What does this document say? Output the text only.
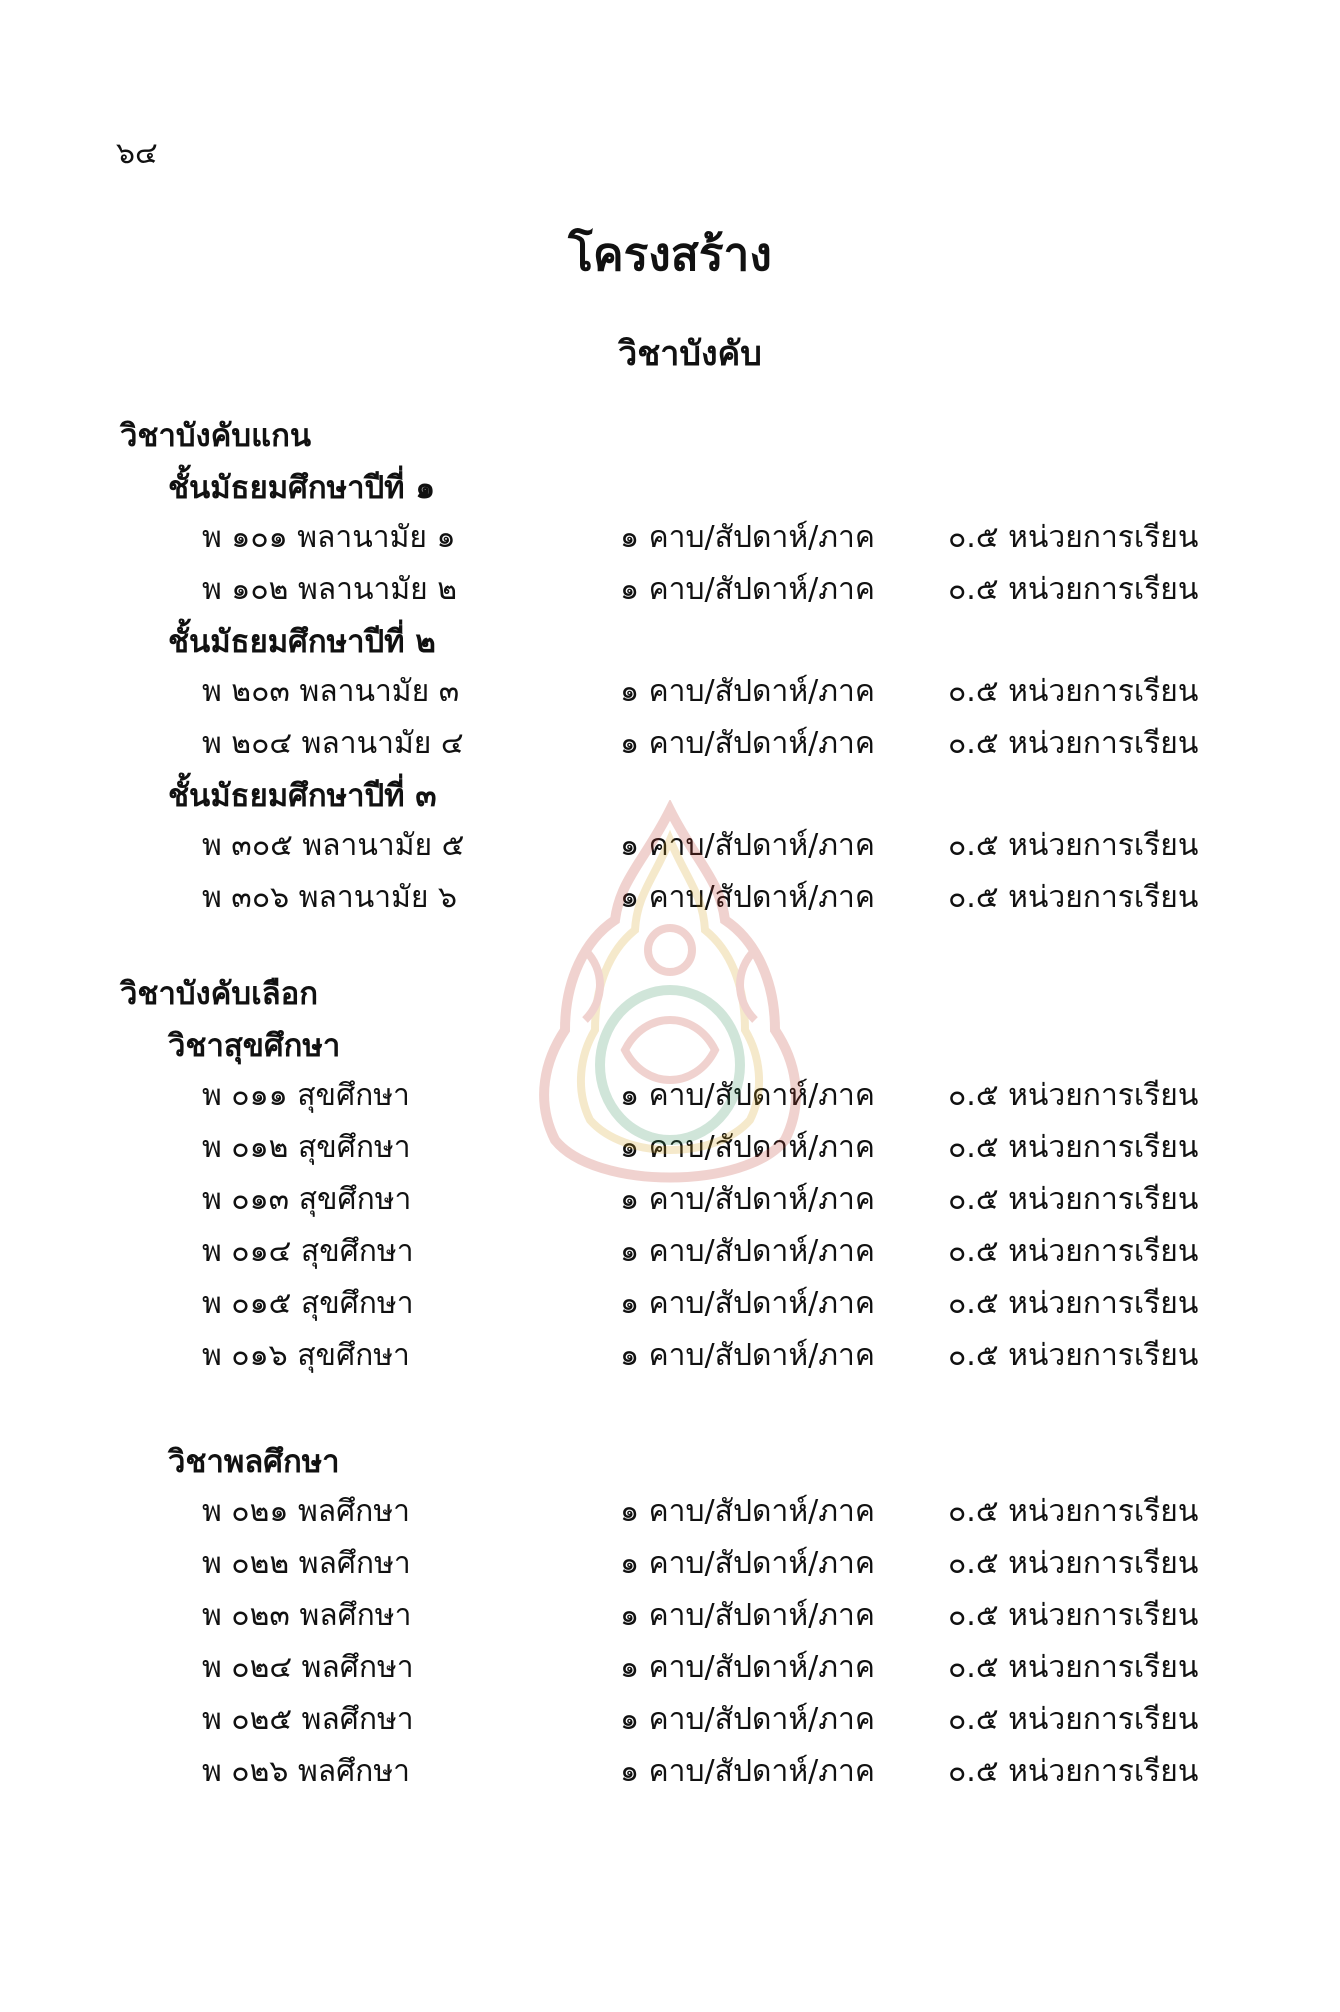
๖๔
โครงสร้าง
วิชาบังคับ
วิชาบังคับแกน
ชั้นมัธยมศึกษาปีที่ ๑
พ ๑๐๑ พลานามัย ๑	๑ คาบ/สัปดาห์/ภาค ๐.๕ หน่วยการเรียน
พ ๑๐๒ พลานามัย ๒	๑ คาบ/สัปดาห์/ภาค ๐.๕ หน่วยการเรียน
ชั้นมัธยมศึกษาปีที่ ๒
พ ๒๐๓ พลานามัย ๓	๑ คาบ/สัปดาห์/ภาค ๐.๕ หน่วยการเรียน
พ ๒๐๔ พลานามัย ๔	๑ คาบ/สัปดาห์/ภาค ๐.๕ หน่วยการเรียน
ชั้นมัธยมศึกษาปีที่ ๓
พ ๓๐๕ พลานามัย ๕	๑ คาบ/สัปดาห์/ภาค ๐.๕ หน่วยการเรียน
พ ๓๐๖ พลานามัย ๖	๑ คาบ/สัปดาห์/ภาค ๐.๕ หน่วยการเรียน
วิชาบังคับเลือก
วิชาสุขศึกษา
พ ๐๑๑ สุขศึกษา	๑ คาบ/สัปดาห์/ภาค ๐.๕ หน่วยการเรียน
พ ๐๑๒ สุขศึกษา	๑ คาบ/สัปดาห์/ภาค ๐.๕ หน่วยการเรียน
พ ๐๑๓ สุขศึกษา	๑ คาบ/สัปดาห์/ภาค ๐.๕ หน่วยการเรียน
พ ๐๑๔ สุขศึกษา	๑ คาบ/สัปดาห์/ภาค ๐.๕ หน่วยการเรียน
พ ๐๑๕ สุขศึกษา	๑ คาบ/สัปดาห์/ภาค ๐.๕ หน่วยการเรียน
พ ๐๑๖ สุขศึกษา	๑ คาบ/สัปดาห์/ภาค ๐.๕ หน่วยการเรียน
วิชาพลศึกษา
พ ๐๒๑ พลศึกษา	๑ คาบ/สัปดาห์/ภาค ๐.๕ หน่วยการเรียน
พ ๐๒๒ พลศึกษา	๑ คาบ/สัปดาห์/ภาค ๐.๕ หน่วยการเรียน
พ ๐๒๓ พลศึกษา	๑ คาบ/สัปดาห์/ภาค ๐.๕ หน่วยการเรียน
พ ๐๒๔ พลศึกษา	๑ คาบ/สัปดาห์/ภาค ๐.๕ หน่วยการเรียน
พ ๐๒๕ พลศึกษา	๑ คาบ/สัปดาห์/ภาค ๐.๕ หน่วยการเรียน
พ ๐๒๖ พลศึกษา	๑ คาบ/สัปดาห์/ภาค ๐.๕ หน่วยการเรียน
